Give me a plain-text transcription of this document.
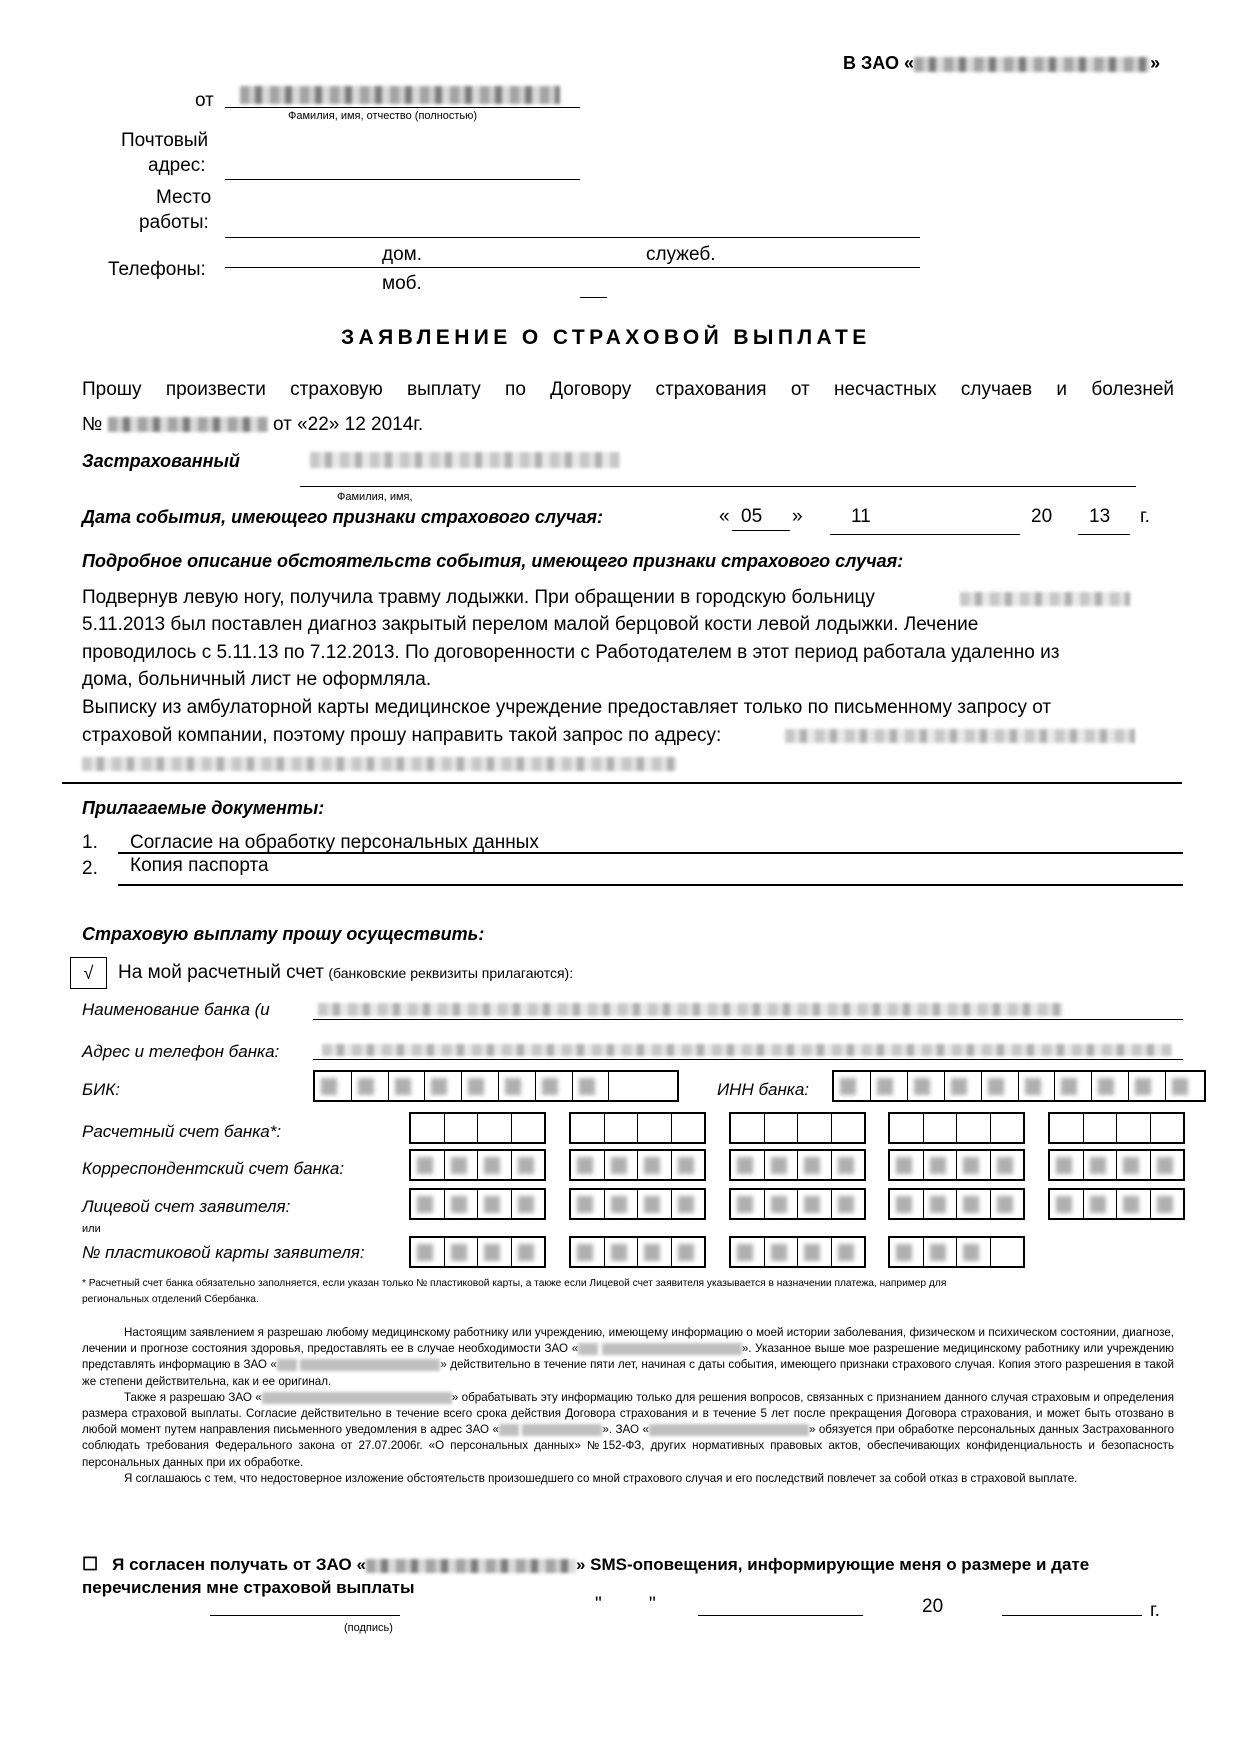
В ЗАО «	»
от
Фамилия, имя, отчество (полностью)
Почтовый
адрес:
Место
работы:
Телефоны:
дом.	служеб.
моб.
ЗАЯВЛЕНИЕ О СТРАХОВОЙ ВЫПЛАТЕ
Прошу произвести страховую выплату по Договору страхования от несчастных случаев и болезней
№	от «22» 12 2014г.
Застрахованный
Фамилия, имя,
Дата события, имеющего признаки страхового случая:	« 05 »	11	20 13 г.
Подробное описание обстоятельств события, имеющего признаки страхового случая:
Подвернув левую ногу, получила травму лодыжки. При обращении в городскую больницу
5.11.2013 был поставлен диагноз закрытый перелом малой берцовой кости левой лодыжки. Лечение
проводилось с 5.11.13 по 7.12.2013. По договоренности с Работодателем в этот период работала удаленно из
дома, больничный лист не оформляла.
Выписку из амбулаторной карты медицинское учреждение предоставляет только по письменному запросу от
страховой компании, поэтому прошу направить такой запрос по адресу:
Прилагаемые документы:
1. Согласие на обработку персональных данных
2. Копия паспорта
Страховую выплату прошу осуществить:
√	На мой расчетный счет (банковские реквизиты прилагаются):
Наименование банка (и
Адрес и телефон банка:
БИК:	ИНН банка:
Расчетный счет банка*:
Корреспондентский счет банка:
Лицевой счет заявителя:
или
№ пластиковой карты заявителя:
* Расчетный счет банка обязательно заполняется, если указан только № пластиковой карты, а также если Лицевой счет заявителя указывается в назначении платежа, например для
региональных отделений Сбербанка.

Настоящим заявлением я разрешаю любому медицинскому работнику или учреждению, имеющему информацию о моей истории заболевания, физическом и психическом состоянии, диагнозе, лечении и прогнозе состояния здоровья, предоставлять ее в случае необходимости ЗАО «	». Указанное выше мое разрешение медицинскому работнику или учреждению представлять информацию в ЗАО «	» действительно в течение пяти лет, начиная с даты события, имеющего признаки страхового случая. Копия этого разрешения в такой же степени действительна, как и ее оригинал.

Также я разрешаю ЗАО «	» обрабатывать эту информацию только для решения вопросов, связанных с признанием данного случая страховым и определения размера страховой выплаты. Согласие действительно в течение всего срока действия Договора страхования и в течение 5 лет после прекращения Договора страхования, и может быть отозвано в любой момент путем направления письменного уведомления в адрес ЗАО «	». ЗАО «	» обязуется при обработке персональных данных Застрахованного соблюдать требования Федерального закона от 27.07.2006г. «О персональных данных» №152-ФЗ, других нормативных правовых актов, обеспечивающих конфиденциальность и безопасность персональных данных при их обработке.

Я соглашаюсь с тем, что недостоверное изложение обстоятельств произошедшего со мной страхового случая и его последствий повлечет за собой отказ в страховой выплате.

☐ Я согласен получать от ЗАО «	» SMS-оповещения, информирующие меня о размере и дате
перечисления мне страховой выплаты
(подпись)
" "	20	г.
